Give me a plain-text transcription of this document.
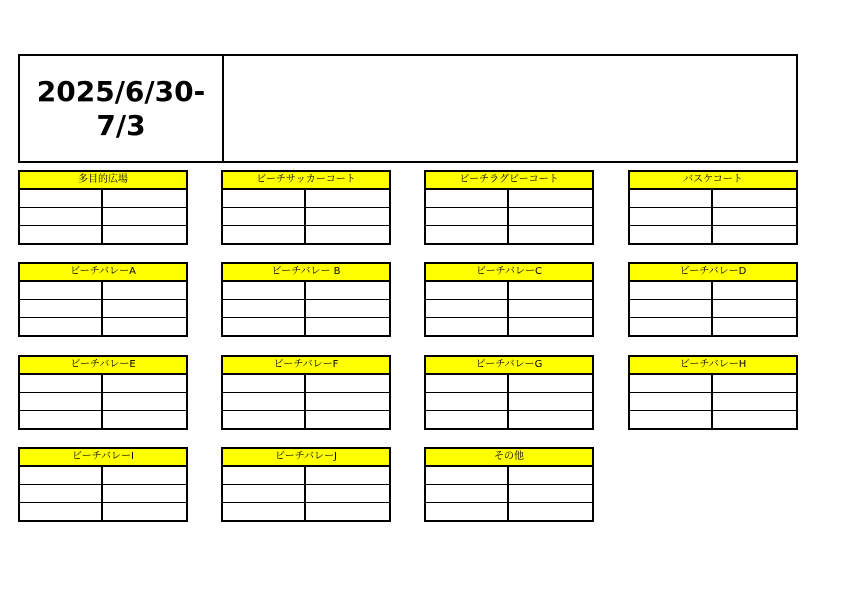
2025/6/30-
7/3
多目的広場	ビーチサッカーコート	ビーチラグビーコート	バスケコート
ビーチバレーA	ビーチバレー B	ビーチバレーC	ビーチバレーD
ビーチバレーE	ビーチバレーF	ビーチバレーG	ビーチバレーH
ビーチバレーI	ビーチバレーJ	その他
